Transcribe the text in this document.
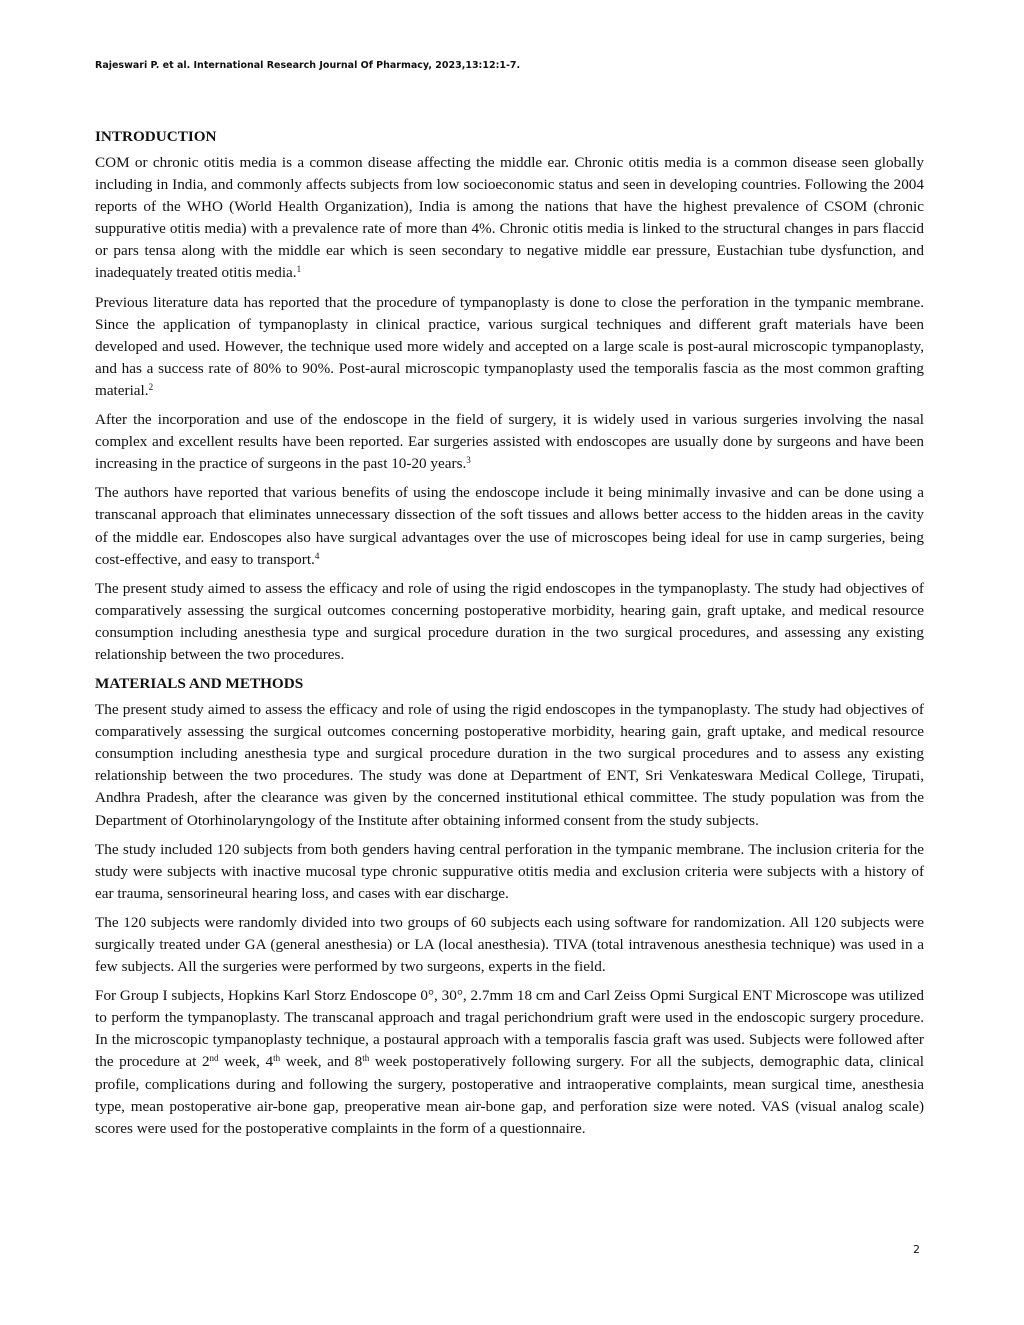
Rajeswari P. et al. International Research Journal Of Pharmacy, 2023,13:12:1-7.
INTRODUCTION

COM or chronic otitis media is a common disease affecting the middle ear. Chronic otitis media is a common disease seen globally including in India, and commonly affects subjects from low socioeconomic status and seen in developing countries. Following the 2004 reports of the WHO (World Health Organization), India is among the nations that have the highest prevalence of CSOM (chronic suppurative otitis media) with a prevalence rate of more than 4%. Chronic otitis media is linked to the structural changes in pars flaccid or pars tensa along with the middle ear which is seen secondary to negative middle ear pressure, Eustachian tube dysfunction, and inadequately treated otitis media.$^1$

Previous literature data has reported that the procedure of tympanoplasty is done to close the perforation in the tympanic membrane. Since the application of tympanoplasty in clinical practice, various surgical techniques and different graft materials have been developed and used. However, the technique used more widely and accepted on a large scale is post-aural microscopic tympanoplasty, and has a success rate of 80% to 90%. Post-aural microscopic tympanoplasty used the temporalis fascia as the most common grafting material.$^2$

After the incorporation and use of the endoscope in the field of surgery, it is widely used in various surgeries involving the nasal complex and excellent results have been reported. Ear surgeries assisted with endoscopes are usually done by surgeons and have been increasing in the practice of surgeons in the past 10-20 years.$^3$

The authors have reported that various benefits of using the endoscope include it being minimally invasive and can be done using a transcanal approach that eliminates unnecessary dissection of the soft tissues and allows better access to the hidden areas in the cavity of the middle ear. Endoscopes also have surgical advantages over the use of microscopes being ideal for use in camp surgeries, being cost-effective, and easy to transport.$^4$

The present study aimed to assess the efficacy and role of using the rigid endoscopes in the tympanoplasty. The study had objectives of comparatively assessing the surgical outcomes concerning postoperative morbidity, hearing gain, graft uptake, and medical resource consumption including anesthesia type and surgical procedure duration in the two surgical procedures, and assessing any existing relationship between the two procedures.

MATERIALS AND METHODS

The present study aimed to assess the efficacy and role of using the rigid endoscopes in the tympanoplasty. The study had objectives of comparatively assessing the surgical outcomes concerning postoperative morbidity, hearing gain, graft uptake, and medical resource consumption including anesthesia type and surgical procedure duration in the two surgical procedures and to assess any existing relationship between the two procedures. The study was done at Department of ENT, Sri Venkateswara Medical College, Tirupati, Andhra Pradesh, after the clearance was given by the concerned institutional ethical committee. The study population was from the Department of Otorhinolaryngology of the Institute after obtaining informed consent from the study subjects.

The study included 120 subjects from both genders having central perforation in the tympanic membrane. The inclusion criteria for the study were subjects with inactive mucosal type chronic suppurative otitis media and exclusion criteria were subjects with a history of ear trauma, sensorineural hearing loss, and cases with ear discharge.

The 120 subjects were randomly divided into two groups of 60 subjects each using software for randomization. All 120 subjects were surgically treated under GA (general anesthesia) or LA (local anesthesia). TIVA (total intravenous anesthesia technique) was used in a few subjects. All the surgeries were performed by two surgeons, experts in the field.

For Group I subjects, Hopkins Karl Storz Endoscope 0°, 30°, 2.7mm 18 cm and Carl Zeiss Opmi Surgical ENT Microscope was utilized to perform the tympanoplasty. The transcanal approach and tragal perichondrium graft were used in the endoscopic surgery procedure. In the microscopic tympanoplasty technique, a postaural approach with a temporalis fascia graft was used. Subjects were followed after the procedure at 2nd week, 4th week, and 8th week postoperatively following surgery. For all the subjects, demographic data, clinical profile, complications during and following the surgery, postoperative and intraoperative complaints, mean surgical time, anesthesia type, mean postoperative air-bone gap, preoperative mean air-bone gap, and perforation size were noted. VAS (visual analog scale) scores were used for the postoperative complaints in the form of a questionnaire.

2
